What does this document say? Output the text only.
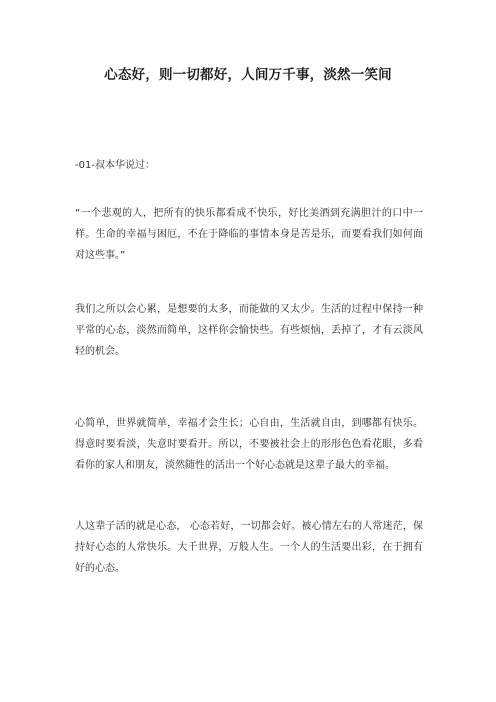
心态好，则一切都好，人间万千事，淡然一笑间
-01-叔本华说过：
“一个悲观的人，把所有的快乐都看成不快乐，好比美酒到充满胆汁的口中一样。生命的幸福与困厄，不在于降临的事情本身是苦是乐，而要看我们如何面对这些事。”
我们之所以会心累，是想要的太多，而能做的又太少。生活的过程中保持一种平常的心态，淡然而简单，这样你会愉快些。有些烦恼，丢掉了，才有云淡风轻的机会。
心简单，世界就简单，幸福才会生长；心自由，生活就自由，到哪都有快乐。得意时要看淡，失意时要看开。所以，不要被社会上的形形色色看花眼，多看看你的家人和朋友，淡然随性的活出一个好心态就是这辈子最大的幸福。
人这辈子活的就是心态， 心态若好，一切都会好。被心情左右的人常迷茫，保持好心态的人常快乐。大千世界，万般人生。一个人的生活要出彩，在于拥有好的心态。
